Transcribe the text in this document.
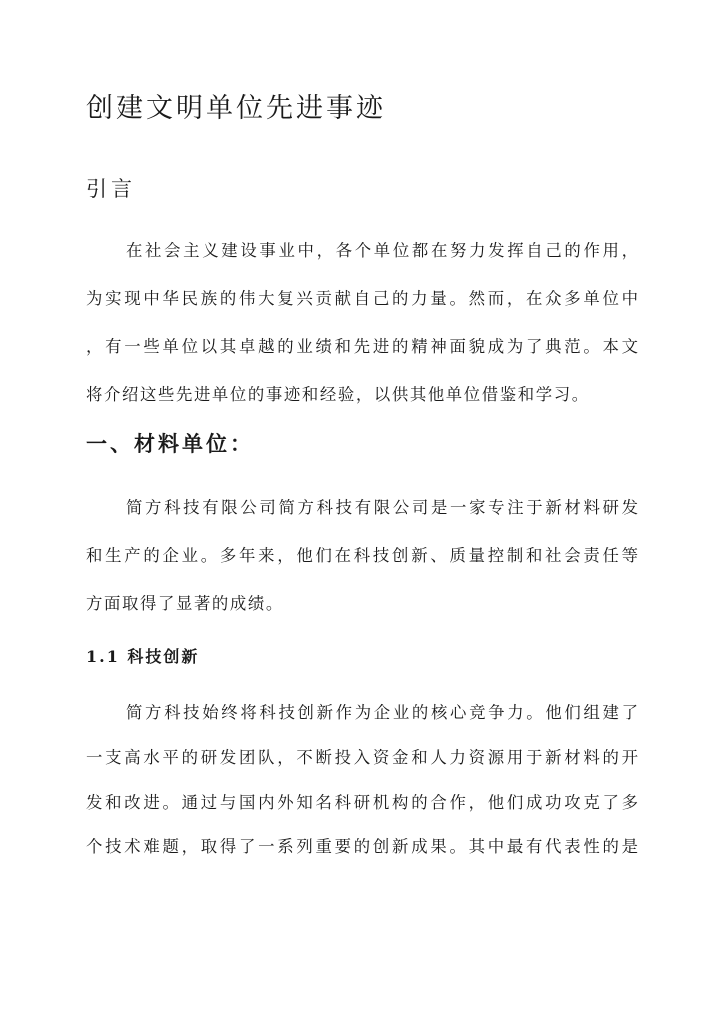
创建文明单位先进事迹
引言
在社会主义建设事业中，各个单位都在努力发挥自己的作用，
为实现中华民族的伟大复兴贡献自己的力量。然而，在众多单位中
，有一些单位以其卓越的业绩和先进的精神面貌成为了典范。本文
将介绍这些先进单位的事迹和经验，以供其他单位借鉴和学习。
一、材料单位：
简方科技有限公司简方科技有限公司是一家专注于新材料研发
和生产的企业。多年来，他们在科技创新、质量控制和社会责任等
方面取得了显著的成绩。
1.1 科技创新
简方科技始终将科技创新作为企业的核心竞争力。他们组建了
一支高水平的研发团队，不断投入资金和人力资源用于新材料的开
发和改进。通过与国内外知名科研机构的合作，他们成功攻克了多
个技术难题，取得了一系列重要的创新成果。其中最有代表性的是
